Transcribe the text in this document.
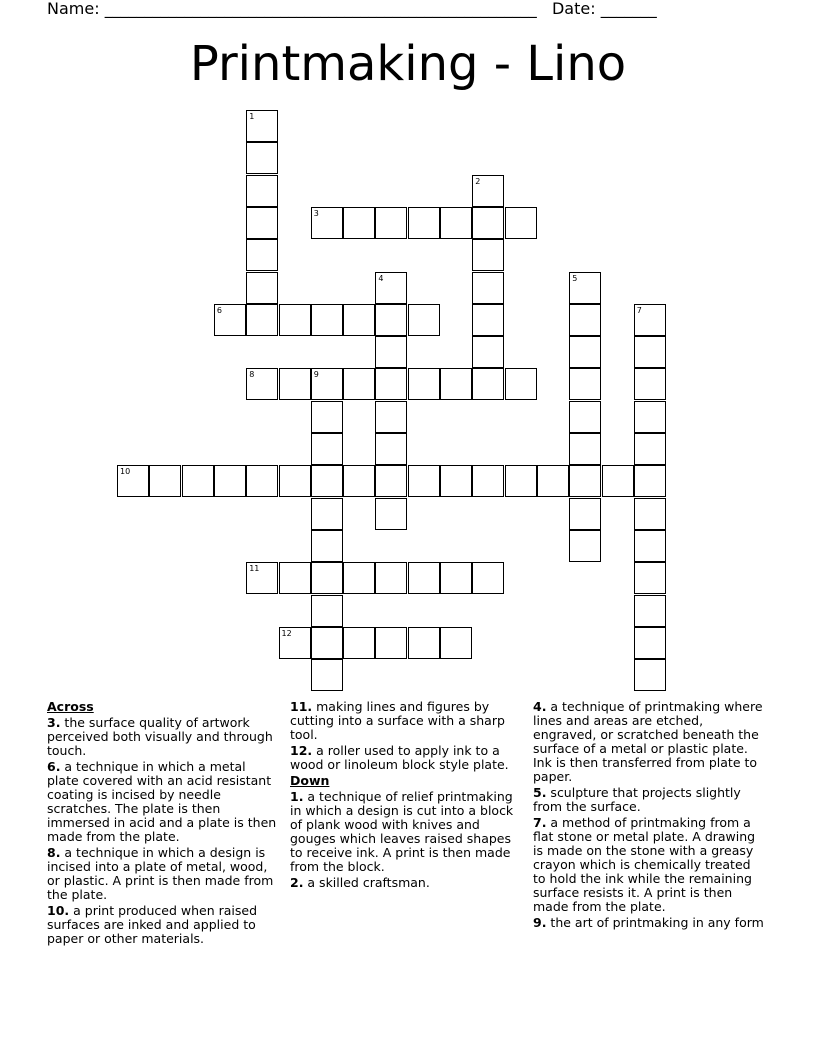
Name: ______________________________________________________ Date: _______
Printmaking - Lino
1
2
3
4	5
6	7
8	9
10
11
12
Across
3. the surface quality of artwork perceived both visually and through touch.
6. a technique in which a metal plate covered with an acid resistant coating is incised by needle scratches. The plate is then immersed in acid and a plate is then made from the plate.
8. a technique in which a design is incised into a plate of metal, wood, or plastic. A print is then made from the plate.
10. a print produced when raised surfaces are inked and applied to paper or other materials.
11. making lines and figures by cutting into a surface with a sharp tool.
12. a roller used to apply ink to a wood or linoleum block style plate.
Down
1. a technique of relief printmaking in which a design is cut into a block of plank wood with knives and gouges which leaves raised shapes to receive ink. A print is then made from the block.
2. a skilled craftsman.
4. a technique of printmaking where lines and areas are etched, engraved, or scratched beneath the surface of a metal or plastic plate. Ink is then transferred from plate to paper.
5. sculpture that projects slightly from the surface.
7. a method of printmaking from a flat stone or metal plate. A drawing is made on the stone with a greasy crayon which is chemically treated to hold the ink while the remaining surface resists it. A print is then made from the plate.
9. the art of printmaking in any form
